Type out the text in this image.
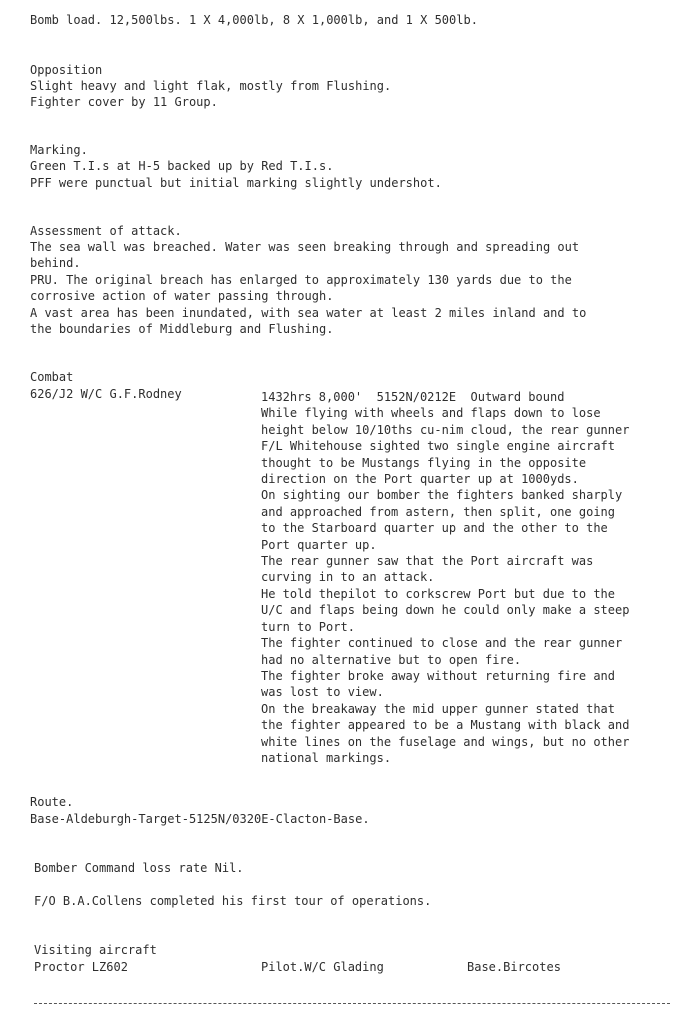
Bomb load. 12,500lbs. 1 X 4,000lb, 8 X 1,000lb, and 1 X 500lb.
Opposition
Slight heavy and light flak, mostly from Flushing.
Fighter cover by 11 Group.
Marking.
Green T.I.s at H-5 backed up by Red T.I.s.
PFF were punctual but initial marking slightly undershot.
Assessment of attack.
The sea wall was breached. Water was seen breaking through and spreading out
behind.
PRU. The original breach has enlarged to approximately 130 yards due to the
corrosive action of water passing through.
A vast area has been inundated, with sea water at least 2 miles inland and to
the boundaries of Middleburg and Flushing.
Combat
626/J2 W/C G.F.Rodney	1432hrs 8,000'  5152N/0212E  Outward bound
While flying with wheels and flaps down to lose
height below 10/10ths cu-nim cloud, the rear gunner
F/L Whitehouse sighted two single engine aircraft
thought to be Mustangs flying in the opposite
direction on the Port quarter up at 1000yds.
On sighting our bomber the fighters banked sharply
and approached from astern, then split, one going
to the Starboard quarter up and the other to the
Port quarter up.
The rear gunner saw that the Port aircraft was
curving in to an attack.
He told thepilot to corkscrew Port but due to the
U/C and flaps being down he could only make a steep
turn to Port.
The fighter continued to close and the rear gunner
had no alternative but to open fire.
The fighter broke away without returning fire and
was lost to view.
On the breakaway the mid upper gunner stated that
the fighter appeared to be a Mustang with black and
white lines on the fuselage and wings, but no other
national markings.
Route.
Base-Aldeburgh-Target-5125N/0320E-Clacton-Base.
Bomber Command loss rate Nil.
F/O B.A.Collens completed his first tour of operations.
Visiting aircraft
Proctor LZ602	Pilot.W/C Glading	Base.Bircotes
